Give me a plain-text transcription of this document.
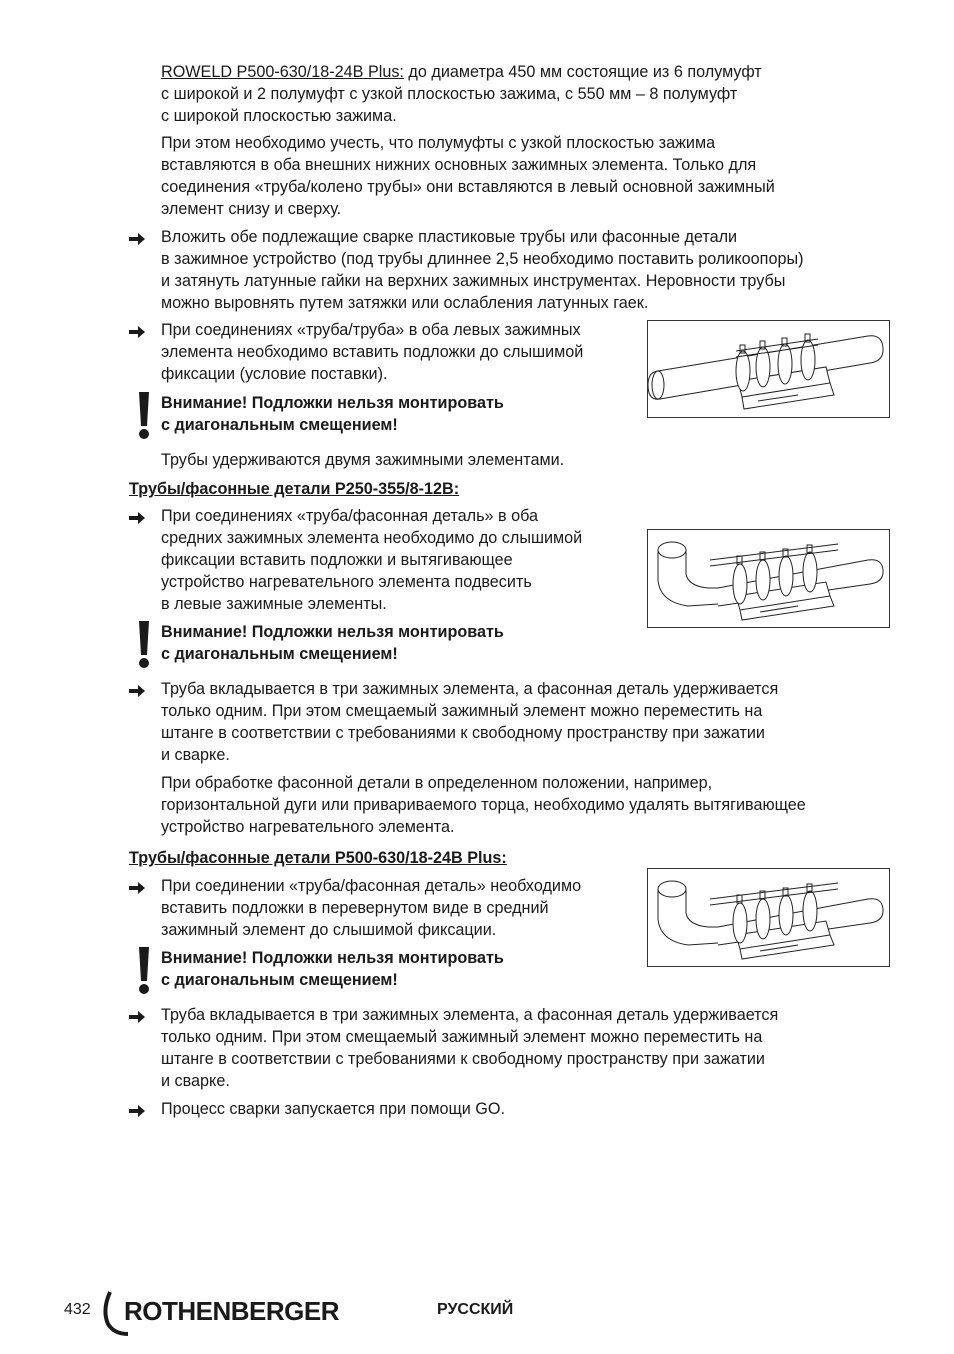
ROWELD P500-630/18-24B Plus: до диаметра 450 мм состоящие из 6 полумуфт
с широкой и 2 полумуфт с узкой плоскостью зажима, с 550 мм – 8 полумуфт
с широкой плоскостью зажима.
При этом необходимо учесть, что полумуфты с узкой плоскостью зажима
вставляются в оба внешних нижних основных зажимных элемента. Только для
соединения «труба/колено трубы» они вставляются в левый основной зажимный
элемент снизу и сверху.
Вложить обе подлежащие сварке пластиковые трубы или фасонные детали
в зажимное устройство (под трубы длиннее 2,5 необходимо поставить роликоопоры)
и затянуть латунные гайки на верхних зажимных инструментах. Неровности трубы
можно выровнять путем затяжки или ослабления латунных гаек.
При соединениях «труба/труба» в оба левых зажимных
элемента необходимо вставить подложки до слышимой
фиксации (условие поставки).
Внимание! Подложки нельзя монтировать
с диагональным смещением!
Трубы удерживаются двумя зажимными элементами.
Трубы/фасонные детали P250-355/8-12B:
При соединениях «труба/фасонная деталь» в оба
средних зажимных элемента необходимо до слышимой
фиксации вставить подложки и вытягивающее
устройство нагревательного элемента подвесить
в левые зажимные элементы.
Внимание! Подложки нельзя монтировать
с диагональным смещением!
Труба вкладывается в три зажимных элемента, а фасонная деталь удерживается
только одним. При этом смещаемый зажимный элемент можно переместить на
штанге в соответствии с требованиями к свободному пространству при зажатии
и сварке.
При обработке фасонной детали в определенном положении, например,
горизонтальной дуги или привариваемого торца, необходимо удалять вытягивающее
устройство нагревательного элемента.
Трубы/фасонные детали P500-630/18-24B Plus:
При соединении «труба/фасонная деталь» необходимо
вставить подложки в перевернутом виде в средний
зажимный элемент до слышимой фиксации.
Внимание! Подложки нельзя монтировать
с диагональным смещением!
Труба вкладывается в три зажимных элемента, а фасонная деталь удерживается
только одним. При этом смещаемый зажимный элемент можно переместить на
штанге в соответствии с требованиями к свободному пространству при зажатии
и сварке.
Процесс сварки запускается при помощи GO.
432 ROTHENBERGER	РУССКИЙ
